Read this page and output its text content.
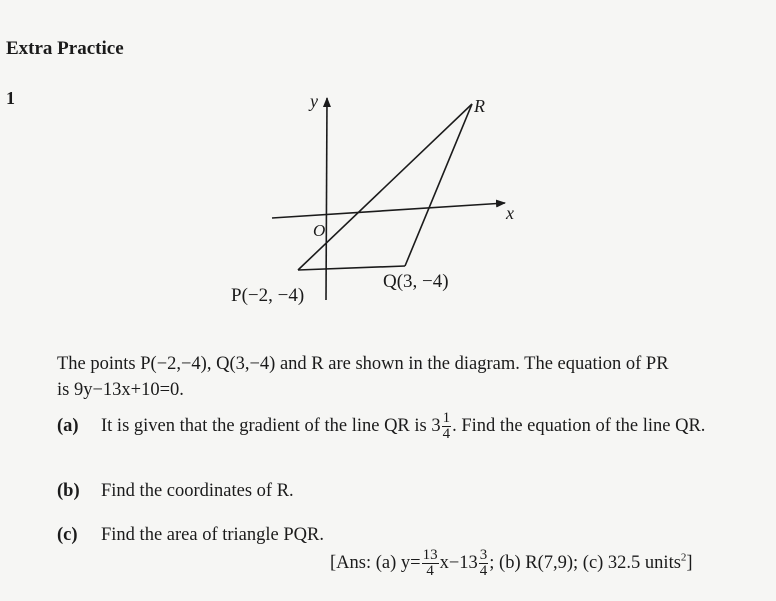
Extra Practice
1	y
x
O
R
P(−2, −4)
Q(3, −4)
The points P(−2,−4), Q(3,−4) and R are shown in the diagram. The equation of PR
is 9y−13x+10=0.
(a) It is given that the gradient of the line QR is $3 \frac{1}{4}$ . Find the equation of the line QR.
(b) Find the coordinates of R.
(c) Find the area of triangle PQR.
[Ans: (a) $y= \frac{13}{4} x-13 \frac{3}{4}$ ; (b) R(7,9); (c) 32.5 units$^2$]
